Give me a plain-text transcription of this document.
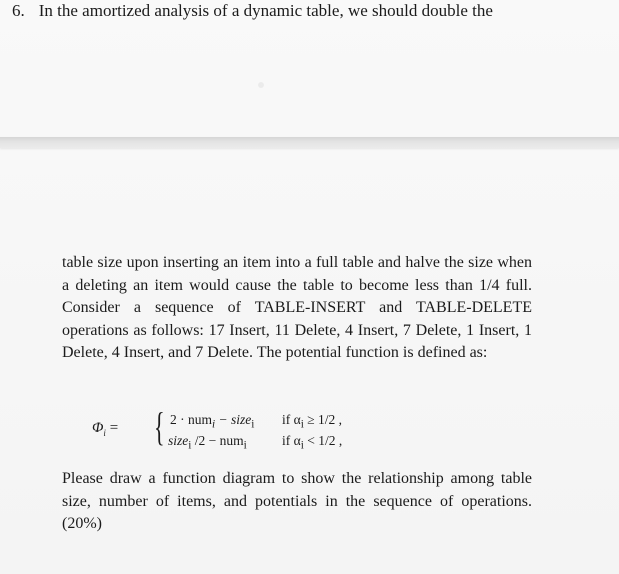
6. In the amortized analysis of a dynamic table, we should double the
table size upon inserting an item into a full table and halve the size when a deleting an item would cause the table to become less than 1/4 full. Consider a sequence of TABLE-INSERT and TABLE-DELETE operations as follows: 17 Insert, 11 Delete, 4 Insert, 7 Delete, 1 Insert, 1 Delete, 4 Insert, and 7 Delete. The potential function is defined as:
$\Phi_i$ = { 2 · num$_i$ − size$_i$ if $\alpha_i \ge 1/2$ ,
size$_i$ /2 − num$_i$	if $\alpha_i < 1/2$ ,
Please draw a function diagram to show the relationship among table size, number of items, and potentials in the sequence of operations. (20%)
